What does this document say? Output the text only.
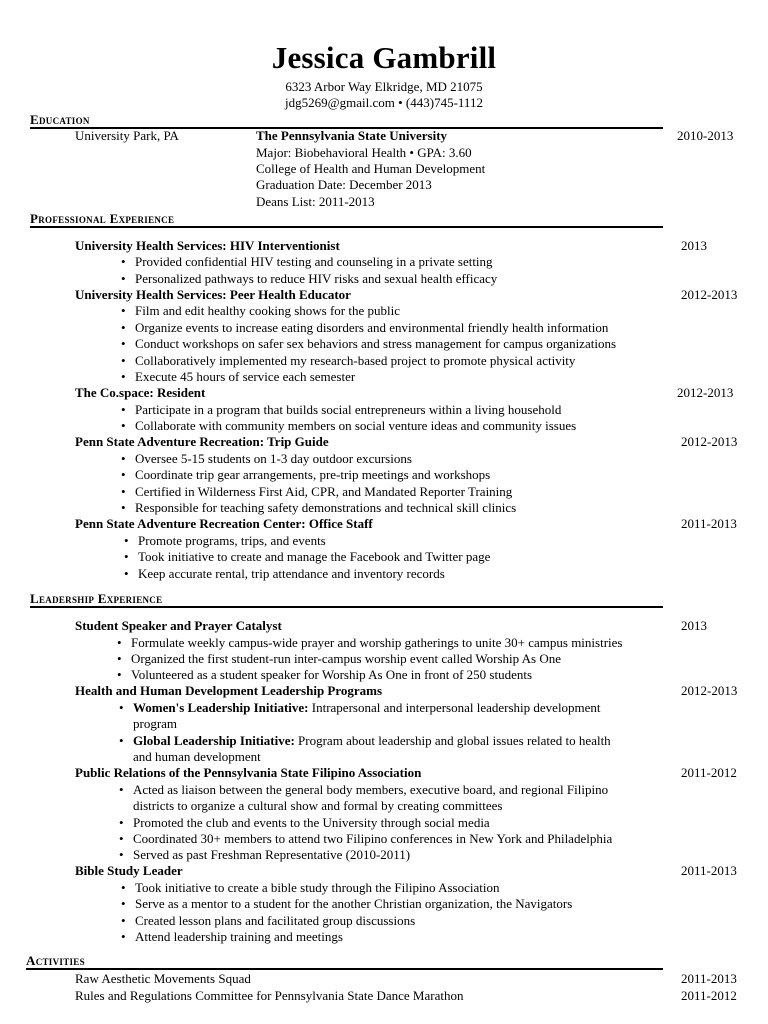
Jessica Gambrill
6323 Arbor Way Elkridge, MD 21075
jdg5269@gmail.com • (443)745-1112
Education
University Park, PA	The Pennsylvania State University	2010-2013
Major: Biobehavioral Health • GPA: 3.60
College of Health and Human Development
Graduation Date: December 2013
Deans List: 2011-2013
Professional Experience
University Health Services: HIV Interventionist	2013
• Provided confidential HIV testing and counseling in a private setting
• Personalized pathways to reduce HIV risks and sexual health efficacy
University Health Services: Peer Health Educator	2012-2013
• Film and edit healthy cooking shows for the public
• Organize events to increase eating disorders and environmental friendly health information
• Conduct workshops on safer sex behaviors and stress management for campus organizations
• Collaboratively implemented my research-based project to promote physical activity
• Execute 45 hours of service each semester
The Co.space: Resident	2012-2013
• Participate in a program that builds social entrepreneurs within a living household
• Collaborate with community members on social venture ideas and community issues
Penn State Adventure Recreation: Trip Guide	2012-2013
• Oversee 5-15 students on 1-3 day outdoor excursions
• Coordinate trip gear arrangements, pre-trip meetings and workshops
• Certified in Wilderness First Aid, CPR, and Mandated Reporter Training
• Responsible for teaching safety demonstrations and technical skill clinics
Penn State Adventure Recreation Center: Office Staff	2011-2013
• Promote programs, trips, and events
• Took initiative to create and manage the Facebook and Twitter page
• Keep accurate rental, trip attendance and inventory records
Leadership Experience
Student Speaker and Prayer Catalyst	2013
• Formulate weekly campus-wide prayer and worship gatherings to unite 30+ campus ministries
• Organized the first student-run inter-campus worship event called Worship As One
• Volunteered as a student speaker for Worship As One in front of 250 students
Health and Human Development Leadership Programs	2012-2013
• Women's Leadership Initiative: Intrapersonal and interpersonal leadership development
program
• Global Leadership Initiative: Program about leadership and global issues related to health
and human development
Public Relations of the Pennsylvania State Filipino Association	2011-2012
• Acted as liaison between the general body members, executive board, and regional Filipino
districts to organize a cultural show and formal by creating committees
• Promoted the club and events to the University through social media
• Coordinated 30+ members to attend two Filipino conferences in New York and Philadelphia
• Served as past Freshman Representative (2010-2011)
Bible Study Leader	2011-2013
• Took initiative to create a bible study through the Filipino Association
• Serve as a mentor to a student for the another Christian organization, the Navigators
• Created lesson plans and facilitated group discussions
• Attend leadership training and meetings
Activities
Raw Aesthetic Movements Squad	2011-2013
Rules and Regulations Committee for Pennsylvania State Dance Marathon	2011-2012
